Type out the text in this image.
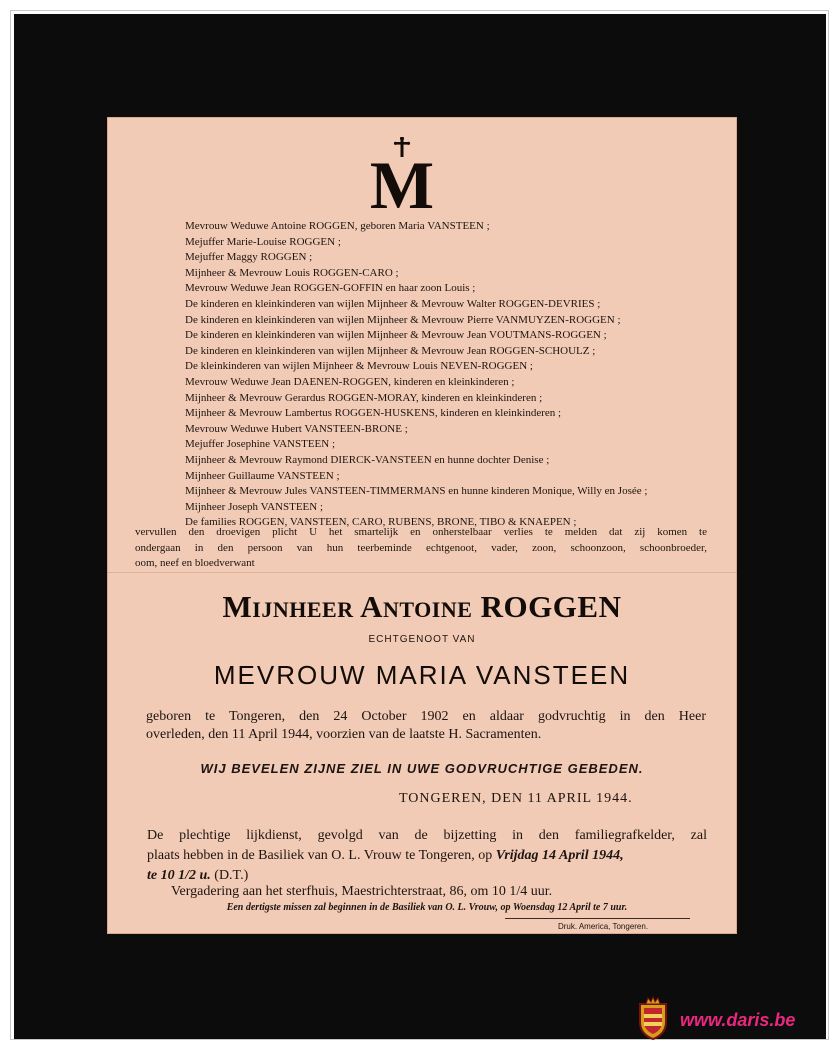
M
Mevrouw Weduwe Antoine ROGGEN, geboren Maria VANSTEEN ;
Mejuffer Marie-Louise ROGGEN ;
Mejuffer Maggy ROGGEN ;
Mijnheer & Mevrouw Louis ROGGEN-CARO ;
Mevrouw Weduwe Jean ROGGEN-GOFFIN en haar zoon Louis ;
De kinderen en kleinkinderen van wijlen Mijnheer & Mevrouw Walter ROGGEN-DEVRIES ;
De kinderen en kleinkinderen van wijlen Mijnheer & Mevrouw Pierre VANMUYZEN-ROGGEN ;
De kinderen en kleinkinderen van wijlen Mijnheer & Mevrouw Jean VOUTMANS-ROGGEN ;
De kinderen en kleinkinderen van wijlen Mijnheer & Mevrouw Jean ROGGEN-SCHOULZ ;
De kleinkinderen van wijlen Mijnheer & Mevrouw Louis NEVEN-ROGGEN ;
Mevrouw Weduwe Jean DAENEN-ROGGEN, kinderen en kleinkinderen ;
Mijnheer & Mevrouw Gerardus ROGGEN-MORAY, kinderen en kleinkinderen ;
Mijnheer & Mevrouw Lambertus ROGGEN-HUSKENS, kinderen en kleinkinderen ;
Mevrouw Weduwe Hubert VANSTEEN-BRONE ;
Mejuffer Josephine VANSTEEN ;
Mijnheer & Mevrouw Raymond DIERCK-VANSTEEN en hunne dochter Denise ;
Mijnheer Guillaume VANSTEEN ;
Mijnheer & Mevrouw Jules VANSTEEN-TIMMERMANS en hunne kinderen Monique, Willy en Josée ;
Mijnheer Joseph VANSTEEN ;
De families ROGGEN, VANSTEEN, CARO, RUBENS, BRONE, TIBO & KNAEPEN ;
vervullen den droevigen plicht U het smartelijk en onherstelbaar verlies te melden dat zij komen te
ondergaan in den persoon van hun teerbeminde echtgenoot, vader, zoon, schoonzoon, schoonbroeder,
oom, neef en bloedverwant
Mijnheer Antoine ROGGEN
ECHTGENOOT VAN
MEVROUW MARIA VANSTEEN
geboren te Tongeren, den 24 October 1902 en aldaar godvruchtig in den Heer
overleden, den 11 April 1944, voorzien van de laatste H. Sacramenten.
WIJ BEVELEN ZIJNE ZIEL IN UWE GODVRUCHTIGE GEBEDEN.
TONGEREN, DEN 11 APRIL 1944.
De plechtige lijkdienst, gevolgd van de bijzetting in den familiegrafkelder, zal
plaats hebben in de Basiliek van O. L. Vrouw te Tongeren, op Vrijdag 14 April 1944,
te 10 1/2 u. (D.T.)
Vergadering aan het sterfhuis, Maestrichterstraat, 86, om 10 1/4 uur.
Een dertigste missen zal beginnen in de Basiliek van O. L. Vrouw, op Woensdag 12 April te 7 uur.
Druk. America, Tongeren.
www.daris.be
